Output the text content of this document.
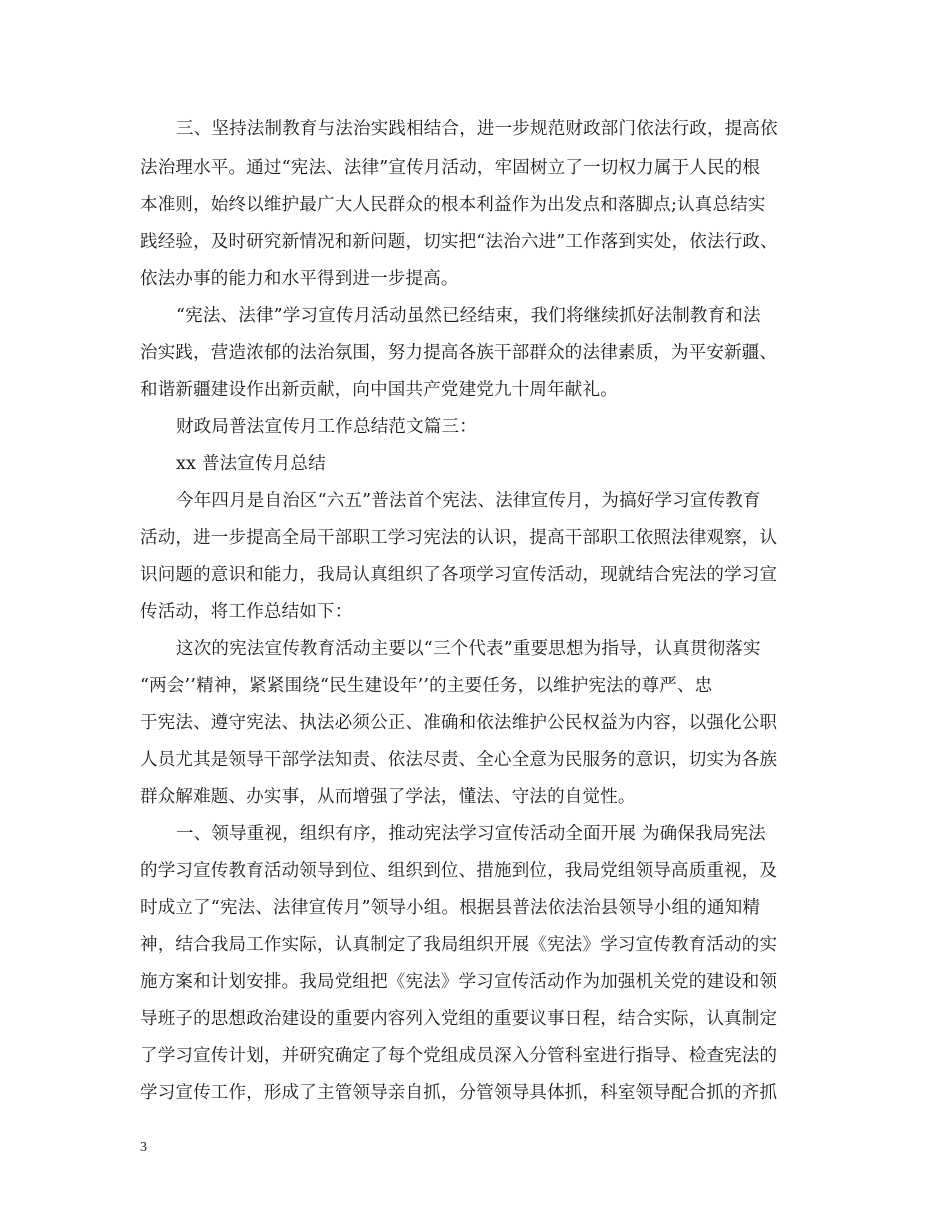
三、坚持法制教育与法治实践相结合，进一步规范财政部门依法行政，提高依
法治理水平。通过“宪法、法律”宣传月活动，牢固树立了一切权力属于人民的根
本准则，始终以维护最广大人民群众的根本利益作为出发点和落脚点;认真总结实
践经验，及时研究新情况和新问题，切实把“法治六进”工作落到实处，依法行政、
依法办事的能力和水平得到进一步提高。
“宪法、法律”学习宣传月活动虽然已经结束，我们将继续抓好法制教育和法
治实践，营造浓郁的法治氛围，努力提高各族干部群众的法律素质，为平安新疆、
和谐新疆建设作出新贡献，向中国共产党建党九十周年献礼。
财政局普法宣传月工作总结范文篇三：
xx 普法宣传月总结
今年四月是自治区“六五”普法首个宪法、法律宣传月，为搞好学习宣传教育
活动，进一步提高全局干部职工学习宪法的认识，提高干部职工依照法律观察，认
识问题的意识和能力，我局认真组织了各项学习宣传活动，现就结合宪法的学习宣
传活动，将工作总结如下：
这次的宪法宣传教育活动主要以“三个代表”重要思想为指导，认真贯彻落实
“两会’’精神，紧紧围绕“民生建设年’’的主要任务，以维护宪法的尊严、忠
于宪法、遵守宪法、执法必须公正、准确和依法维护公民权益为内容，以强化公职
人员尤其是领导干部学法知责、依法尽责、全心全意为民服务的意识，切实为各族
群众解难题、办实事，从而增强了学法，懂法、守法的自觉性。
一、领导重视，组织有序，推动宪法学习宣传活动全面开展 为确保我局宪法
的学习宣传教育活动领导到位、组织到位、措施到位，我局党组领导高质重视，及
时成立了“宪法、法律宣传月”领导小组。根据县普法依法治县领导小组的通知精
神，结合我局工作实际，认真制定了我局组织开展《宪法》学习宣传教育活动的实
施方案和计划安排。我局党组把《宪法》学习宣传活动作为加强机关党的建设和领
导班子的思想政治建设的重要内容列入党组的重要议事日程，结合实际，认真制定
了学习宣传计划，并研究确定了每个党组成员深入分管科室进行指导、检查宪法的
学习宣传工作，形成了主管领导亲自抓，分管领导具体抓，科室领导配合抓的齐抓
3
